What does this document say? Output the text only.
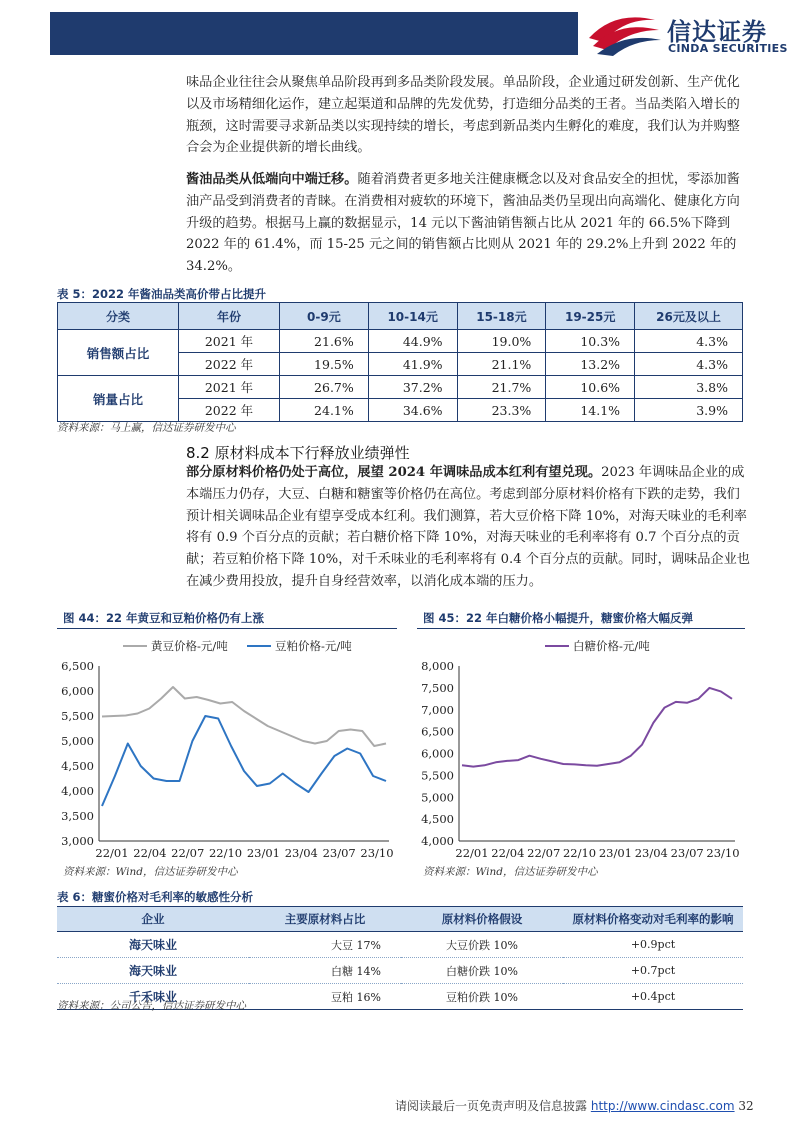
信达证券
CINDA SECURITIES

味品企业往往会从聚焦单品阶段再到多品类阶段发展。单品阶段，企业通过研发创新、生产优化以及市场精细化运作，建立起渠道和品牌的先发优势，打造细分品类的王者。当品类陷入增长的瓶颈，这时需要寻求新品类以实现持续的增长，考虑到新品类内生孵化的难度，我们认为并购整合会为企业提供新的增长曲线。

酱油品类从低端向中端迁移。随着消费者更多地关注健康概念以及对食品安全的担忧，零添加酱油产品受到消费者的青睐。在消费相对疲软的环境下，酱油品类仍呈现出向高端化、健康化方向升级的趋势。根据马上赢的数据显示，14 元以下酱油销售额占比从 2021 年的 66.5%下降到 2022 年的 61.4%，而 15-25 元之间的销售额占比则从 2021 年的 29.2%上升到 2022 年的 34.2%。

表 5：2022 年酱油品类高价带占比提升
分类	年份	0-9元	10-14元	15-18元	19-25元	26元及以上
销售额占比	2021 年	21.6%	44.9%	19.0%	10.3%	4.3%
	2022 年	19.5%	41.9%	21.1%	13.2%	4.3%
销量占比	2021 年	26.7%	37.2%	21.7%	10.6%	3.8%
	2022 年	24.1%	34.6%	23.3%	14.1%	3.9%
资料来源：马上赢，信达证券研发中心
8.2 原材料成本下行释放业绩弹性

部分原材料价格仍处于高位，展望 2024 年调味品成本红利有望兑现。2023 年调味品企业的成本端压力仍存，大豆、白糖和糖蜜等价格仍在高位。考虑到部分原材料价格有下跌的走势，我们预计相关调味品企业有望享受成本红利。我们测算，若大豆价格下降 10%，对海天味业的毛利率将有 0.9 个百分点的贡献；若白糖价格下降 10%，对海天味业的毛利率将有 0.7 个百分点的贡献；若豆粕价格下降 10%，对千禾味业的毛利率将有 0.4 个百分点的贡献。同时，调味品企业也在减少费用投放，提升自身经营效率，以消化成本端的压力。

图 44：22 年黄豆和豆粕价格仍有上涨
3,000
3,500
4,000
4,500
5,000
5,500
6,000
6,500
22/01 22/04 22/07 22/10 23/01 23/04 23/07 23/10
黄豆价格-元/吨	豆粕价格-元/吨
资料来源：Wind，信达证券研发中心
图 45：22 年白糖价格小幅提升，糖蜜价格大幅反弹
4,000
4,500
5,000
5,500
6,000
6,500
7,000
7,500
8,000
22/01 22/04 22/07 22/10 23/01 23/04 23/07 23/10
白糖价格-元/吨
资料来源：Wind，信达证券研发中心
表 6：糖蜜价格对毛利率的敏感性分析
企业	主要原材料占比	原材料价格假设	原材料价格变动对毛利率的影响
海天味业	大豆 17%	大豆价跌 10%	+0.9pct
海天味业	白糖 14%	白糖价跌 10%	+0.7pct
千禾味业	豆粕 16%	豆粕价跌 10%	+0.4pct
资料来源：公司公告，信达证券研发中心
请阅读最后一页免责声明及信息披露 http://www.cindasc.com 32
